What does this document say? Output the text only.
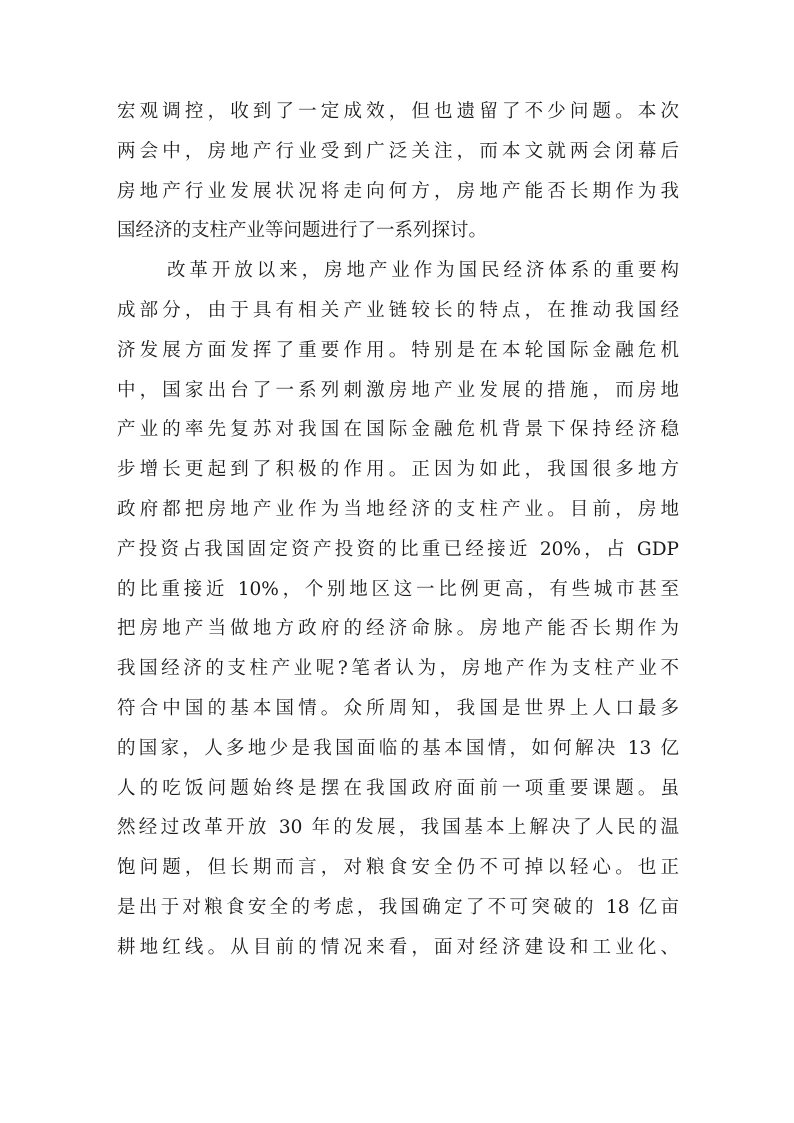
宏观调控，收到了一定成效，但也遗留了不少问题。本次
两会中，房地产行业受到广泛关注，而本文就两会闭幕后
房地产行业发展状况将走向何方，房地产能否长期作为我
国经济的支柱产业等问题进行了一系列探讨。
改革开放以来，房地产业作为国民经济体系的重要构
成部分，由于具有相关产业链较长的特点，在推动我国经
济发展方面发挥了重要作用。特别是在本轮国际金融危机
中，国家出台了一系列刺激房地产业发展的措施，而房地
产业的率先复苏对我国在国际金融危机背景下保持经济稳
步增长更起到了积极的作用。正因为如此，我国很多地方
政府都把房地产业作为当地经济的支柱产业。目前，房地
产投资占我国固定资产投资的比重已经接近 20%，占 GDP
的比重接近 10%，个别地区这一比例更高，有些城市甚至
把房地产当做地方政府的经济命脉。房地产能否长期作为
我国经济的支柱产业呢?笔者认为，房地产作为支柱产业不
符合中国的基本国情。众所周知，我国是世界上人口最多
的国家，人多地少是我国面临的基本国情，如何解决 13 亿
人的吃饭问题始终是摆在我国政府面前一项重要课题。虽
然经过改革开放 30 年的发展，我国基本上解决了人民的温
饱问题，但长期而言，对粮食安全仍不可掉以轻心。也正
是出于对粮食安全的考虑，我国确定了不可突破的 18 亿亩
耕地红线。从目前的情况来看，面对经济建设和工业化、
